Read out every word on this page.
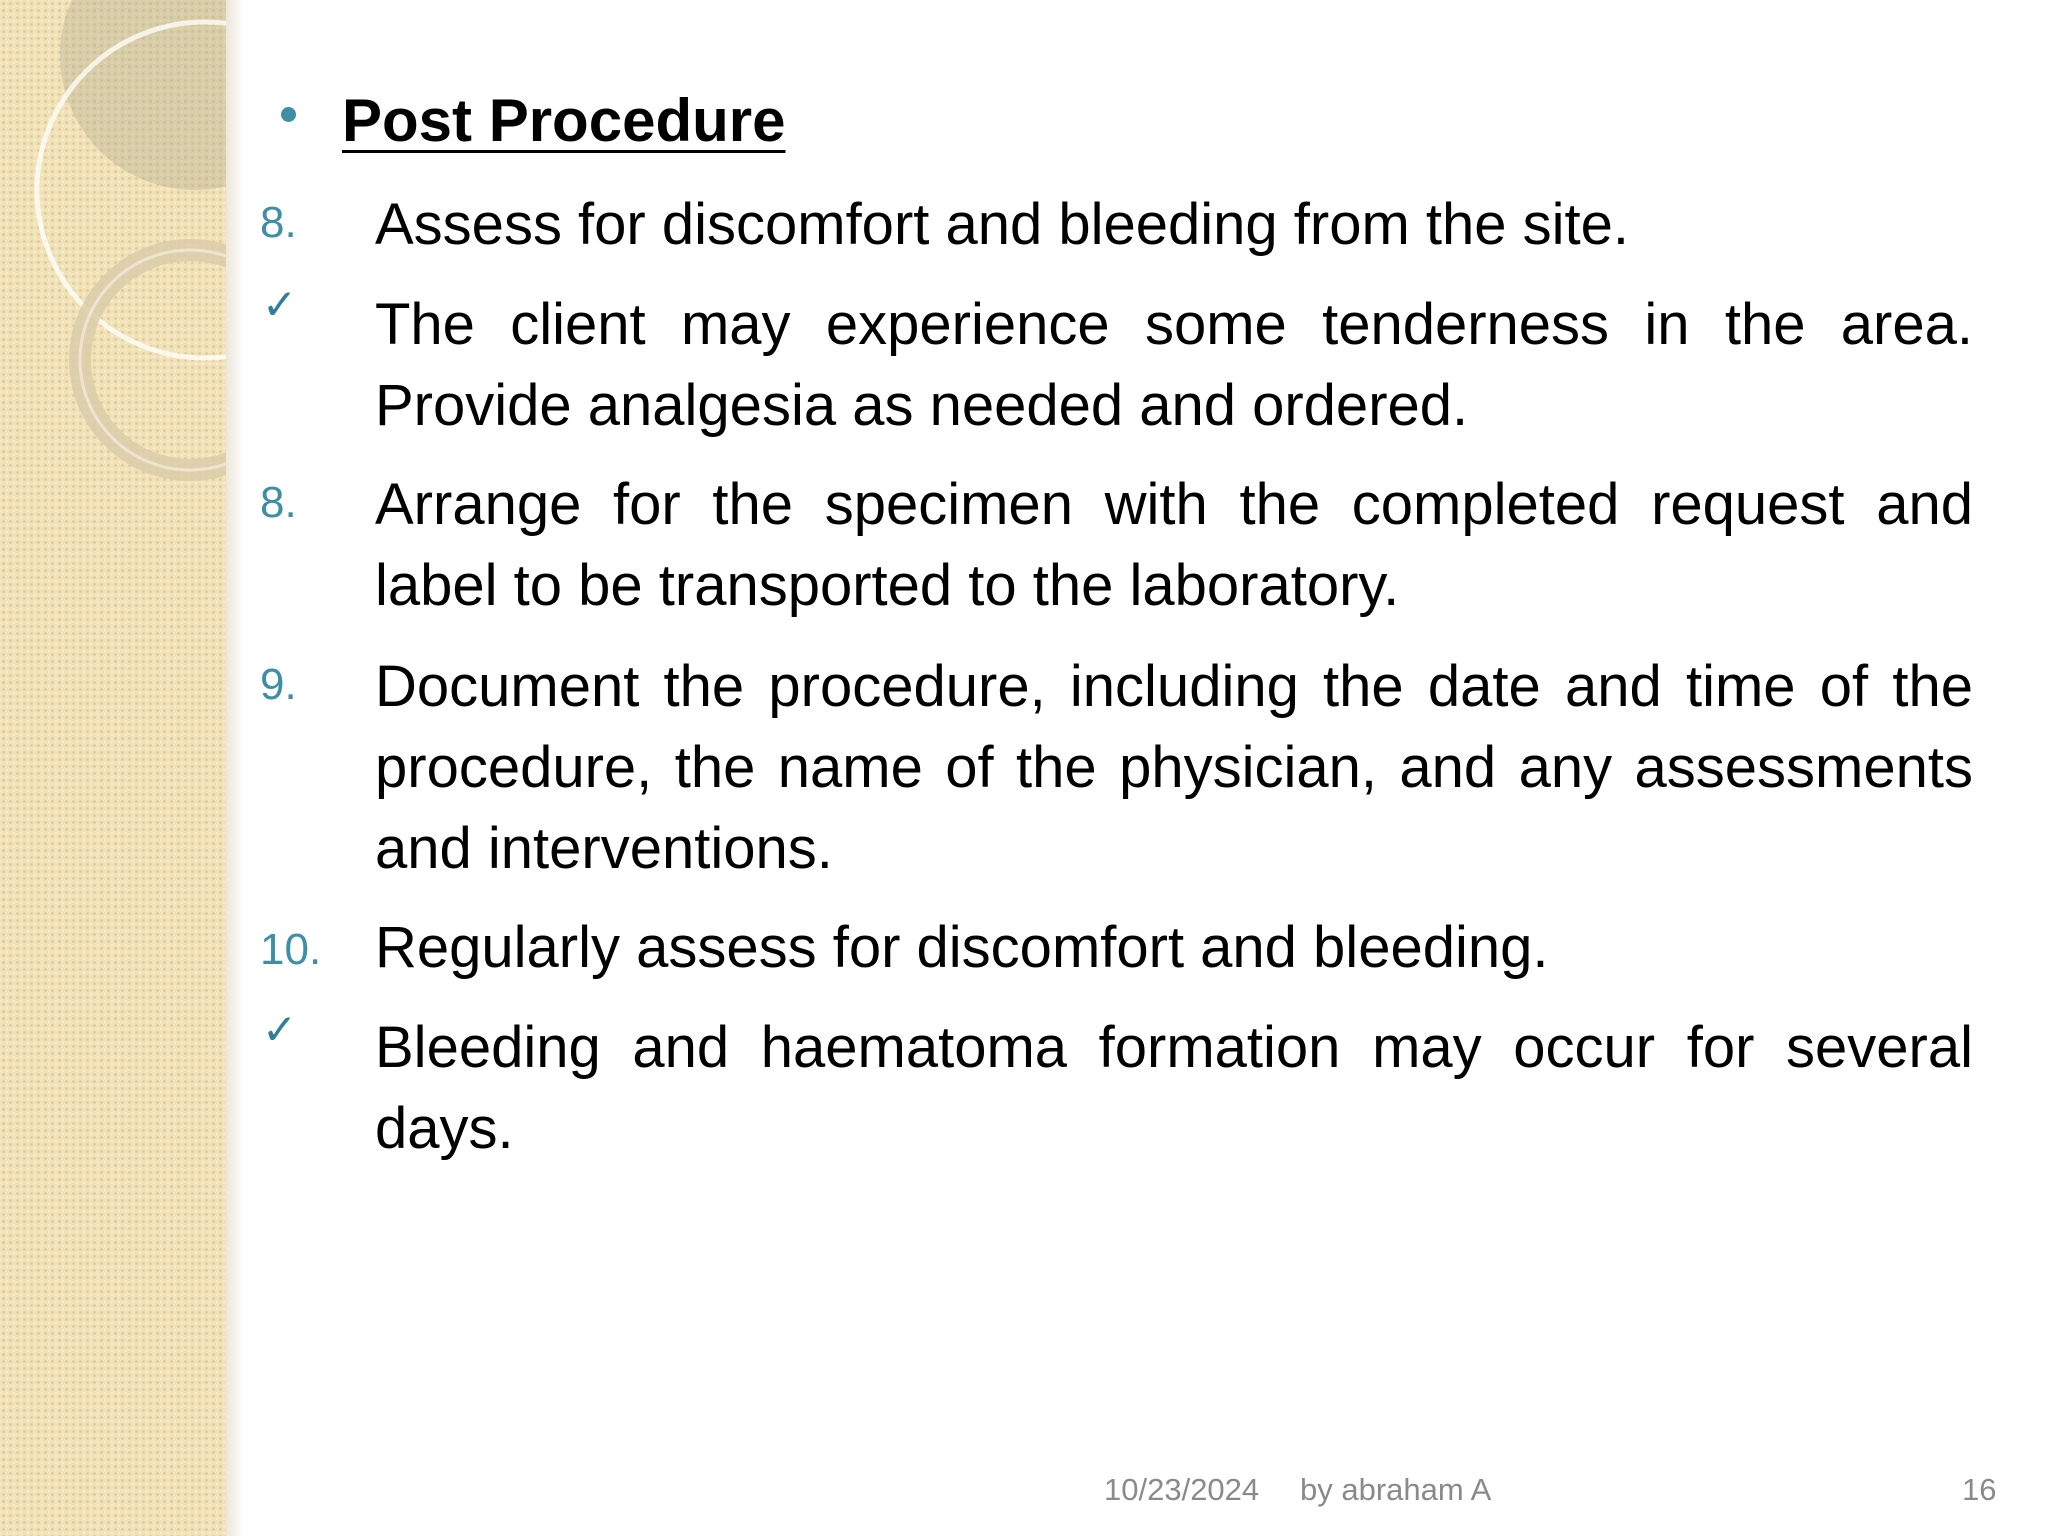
Post Procedure
8. Assess for discomfort and bleeding from the site.
✓ The client may experience some tenderness in the area. Provide analgesia as needed and ordered.
8. Arrange for the specimen with the completed request and label to be transported to the laboratory.
9. Document the procedure, including the date and time of the procedure, the name of the physician, and any assessments and interventions.
10. Regularly assess for discomfort and bleeding.
✓ Bleeding and haematoma formation may occur for several days.
10/23/2024 by abraham A	16
